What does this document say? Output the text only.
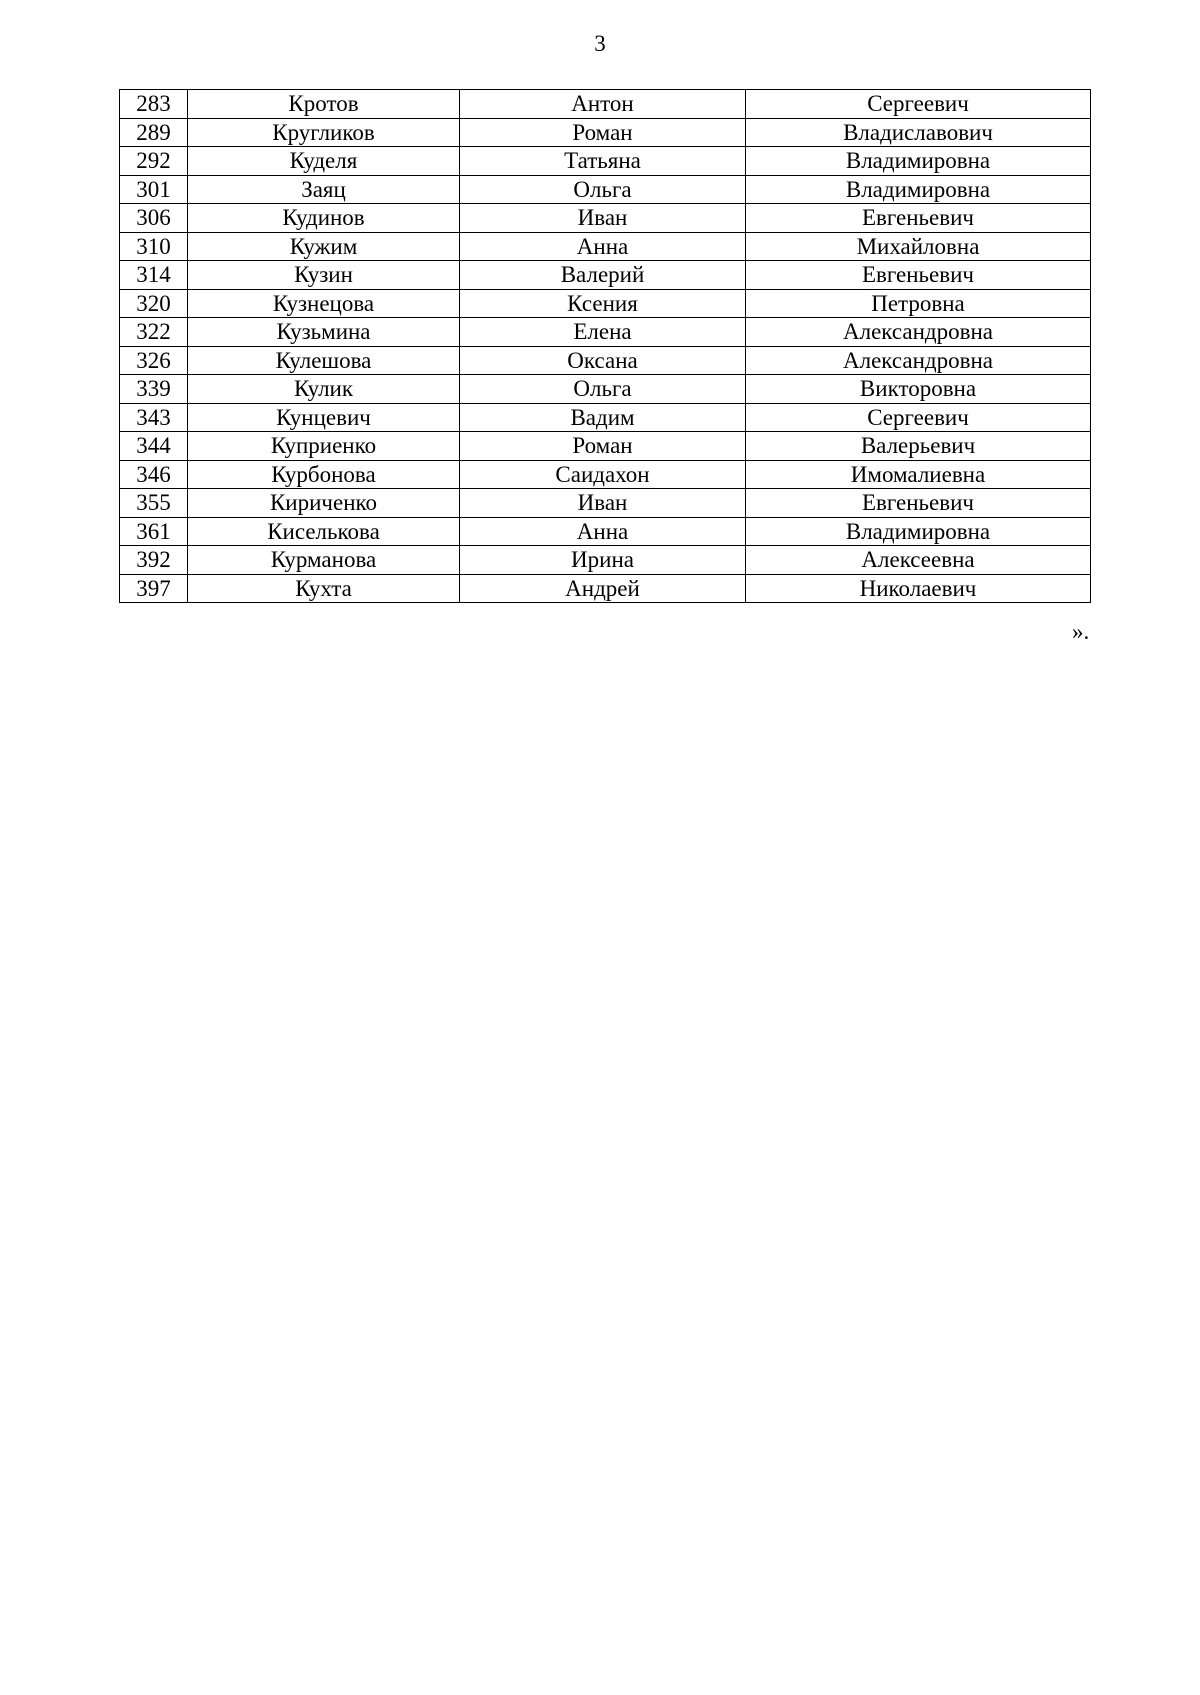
3
283	Кротов	Антон	Сергеевич
289	Кругликов	Роман	Владиславович
292	Куделя	Татьяна	Владимировна
301	Заяц	Ольга	Владимировна
306	Кудинов	Иван	Евгеньевич
310	Кужим	Анна	Михайловна
314	Кузин	Валерий	Евгеньевич
320	Кузнецова	Ксения	Петровна
322	Кузьмина	Елена	Александровна
326	Кулешова	Оксана	Александровна
339	Кулик	Ольга	Викторовна
343	Кунцевич	Вадим	Сергеевич
344	Куприенко	Роман	Валерьевич
346	Курбонова	Саидахон	Имомалиевна
355	Кириченко	Иван	Евгеньевич
361	Киселькова	Анна	Владимировна
392	Курманова	Ирина	Алексеевна
397	Кухта	Андрей	Николаевич
».
